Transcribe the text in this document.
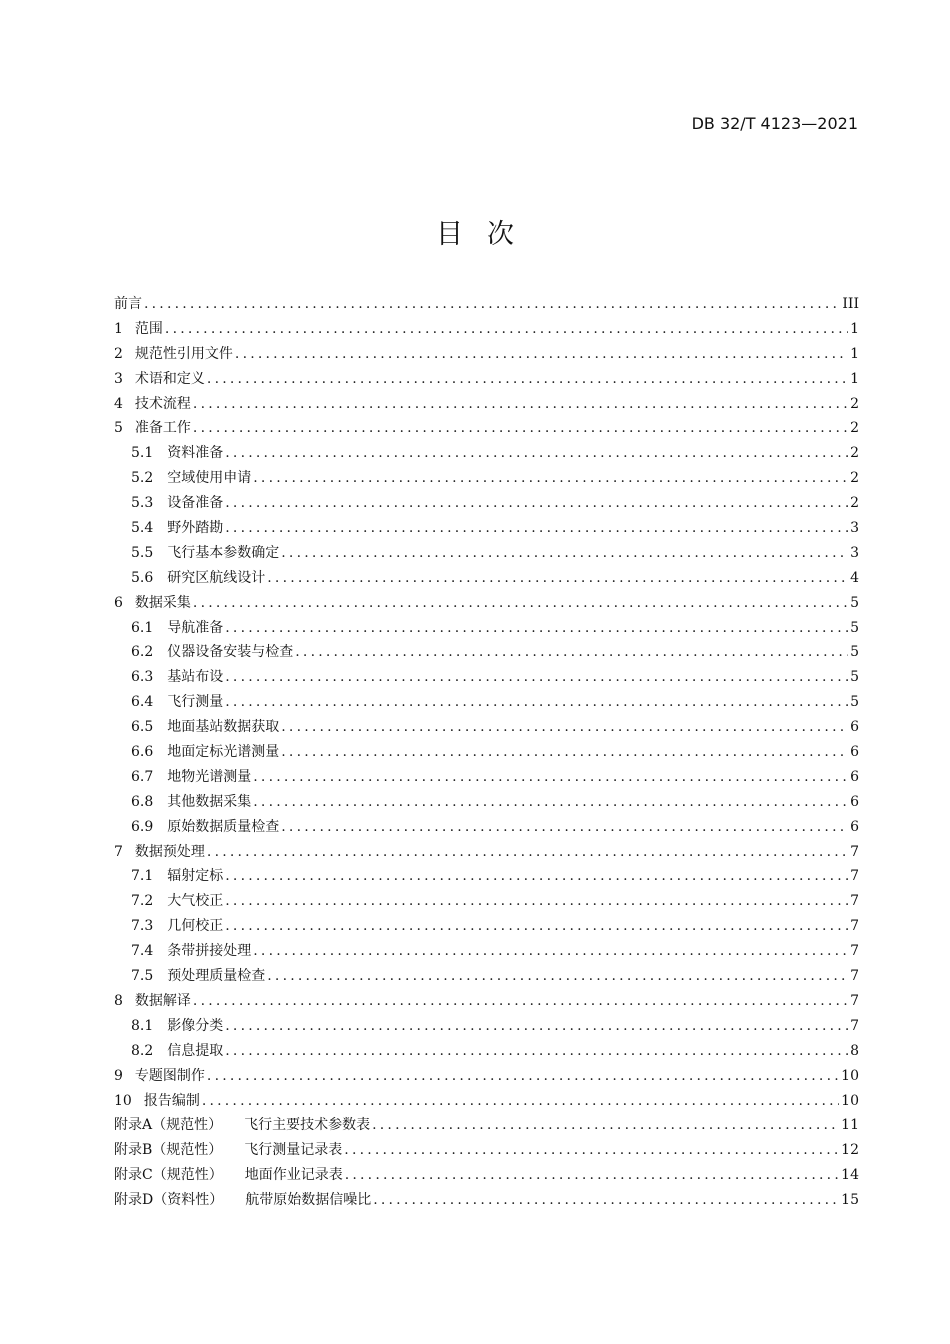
DB 32/T 4123—2021
目次
前言 .....	III
1 范围 .....	1
2 规范性引用文件 .....	1
3 术语和定义 .....	1
4 技术流程 .....	2
5 准备工作 .....	2
5.1 资料准备 .....	2
5.2 空域使用申请 .....	2
5.3 设备准备 .....	2
5.4 野外踏勘 .....	3
5.5 飞行基本参数确定 .....	3
5.6 研究区航线设计 .....	4
6 数据采集 .....	5
6.1 导航准备 .....	5
6.2 仪器设备安装与检查 .....	5
6.3 基站布设 .....	5
6.4 飞行测量 .....	5
6.5 地面基站数据获取 .....	6
6.6 地面定标光谱测量 .....	6
6.7 地物光谱测量 .....	6
6.8 其他数据采集 .....	6
6.9 原始数据质量检查 .....	6
7 数据预处理 .....	7
7.1 辐射定标 .....	7
7.2 大气校正 .....	7
7.3 几何校正 .....	7
7.4 条带拼接处理 .....	7
7.5 预处理质量检查 .....	7
8 数据解译 .....	7
8.1 影像分类 .....	7
8.2 信息提取 .....	8
9 专题图制作 .....	10
10 报告编制 .....	10
附录A（规范性） 飞行主要技术参数表 .....	11
附录B（规范性） 飞行测量记录表 .....	12
附录C（规范性） 地面作业记录表 .....	14
附录D（资料性） 航带原始数据信噪比 .....	15
